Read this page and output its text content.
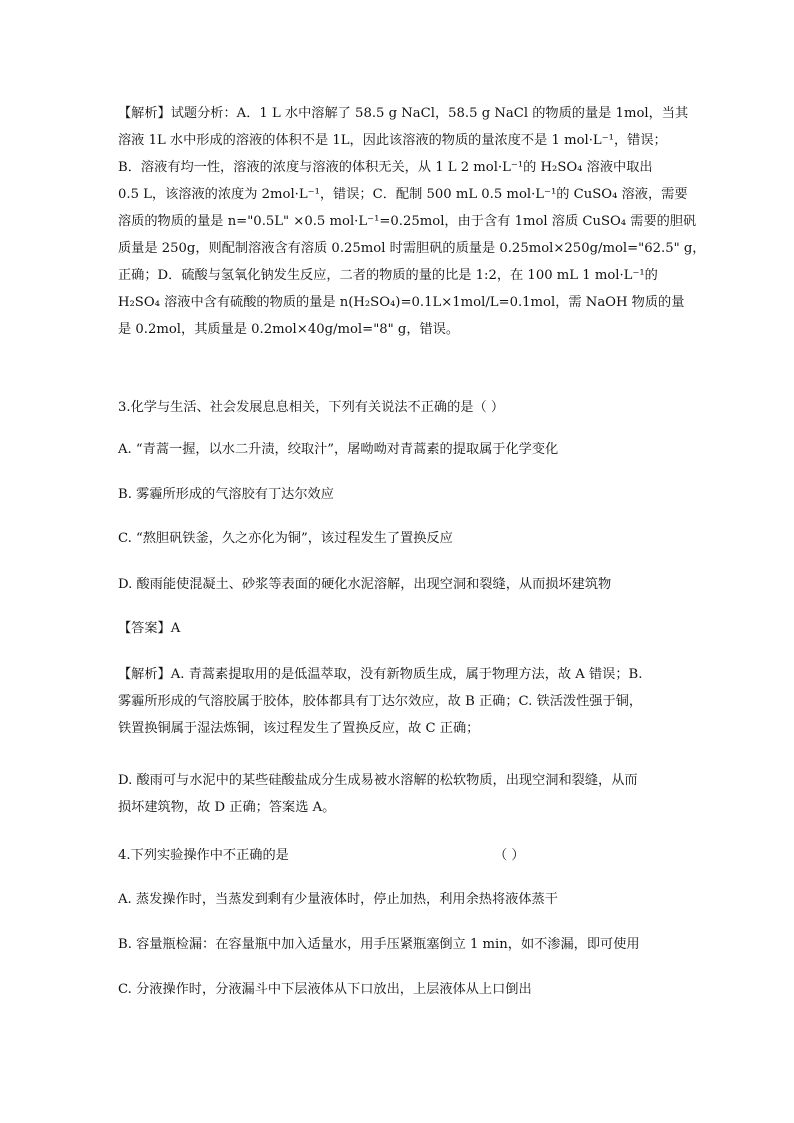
【解析】试题分析：A．1 L 水中溶解了 58.5 g NaCl，58.5 g NaCl 的物质的量是 1mol，当其
溶液 1L 水中形成的溶液的体积不是 1L，因此该溶液的物质的量浓度不是 1 mol·L⁻¹，错误；
B．溶液有均一性，溶液的浓度与溶液的体积无关，从 1 L 2 mol·L⁻¹的 H₂SO₄ 溶液中取出
0.5 L，该溶液的浓度为 2mol·L⁻¹，错误；C．配制 500 mL 0.5 mol·L⁻¹的 CuSO₄ 溶液，需要
溶质的物质的量是 n="0.5L" ×0.5 mol·L⁻¹=0.25mol，由于含有 1mol 溶质 CuSO₄ 需要的胆矾
质量是 250g，则配制溶液含有溶质 0.25mol 时需胆矾的质量是 0.25mol×250g/mol="62.5" g，
正确；D．硫酸与氢氧化钠发生反应，二者的物质的量的比是 1:2，在 100 mL 1 mol·L⁻¹的
H₂SO₄ 溶液中含有硫酸的物质的量是 n(H₂SO₄)=0.1L×1mol/L=0.1mol，需 NaOH 物质的量
是 0.2mol，其质量是 0.2mol×40g/mol="8" g，错误。
3.化学与生活、社会发展息息相关，下列有关说法不正确的是（ ）
A. “青蒿一握，以水二升渍，绞取汁”，屠呦呦对青蒿素的提取属于化学变化
B. 雾霾所形成的气溶胶有丁达尔效应
C. “熬胆矾铁釜，久之亦化为铜”，该过程发生了置换反应
D. 酸雨能使混凝土、砂浆等表面的硬化水泥溶解，出现空洞和裂缝，从而损坏建筑物
【答案】A
【解析】A. 青蒿素提取用的是低温萃取，没有新物质生成，属于物理方法，故 A 错误；B.
雾霾所形成的气溶胶属于胶体，胶体都具有丁达尔效应，故 B 正确；C. 铁活泼性强于铜，
铁置换铜属于湿法炼铜，该过程发生了置换反应，故 C 正确；
D. 酸雨可与水泥中的某些硅酸盐成分生成易被水溶解的松软物质，出现空洞和裂缝，从而
损坏建筑物，故 D 正确；答案选 A。
4.下列实验操作中不正确的是	（ ）
A. 蒸发操作时，当蒸发到剩有少量液体时，停止加热，利用余热将液体蒸干
B. 容量瓶检漏：在容量瓶中加入适量水，用手压紧瓶塞倒立 1 min，如不渗漏，即可使用
C. 分液操作时，分液漏斗中下层液体从下口放出，上层液体从上口倒出
